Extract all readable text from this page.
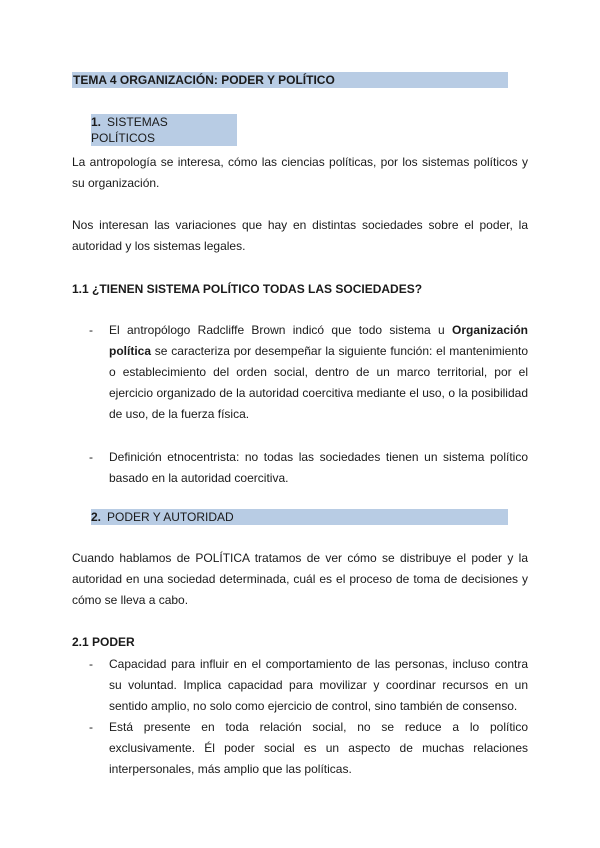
TEMA 4 ORGANIZACIÓN: PODER Y POLÍTICO
1. SISTEMAS POLÍTICOS
La antropología se interesa, cómo las ciencias políticas, por los sistemas políticos y su organización.
Nos interesan las variaciones que hay en distintas sociedades sobre el poder, la autoridad y los sistemas legales.
1.1 ¿TIENEN SISTEMA POLÍTICO TODAS LAS SOCIEDADES?
- El antropólogo Radcliffe Brown indicó que todo sistema u Organización política se caracteriza por desempeñar la siguiente función: el mantenimiento o establecimiento del orden social, dentro de un marco territorial, por el ejercicio organizado de la autoridad coercitiva mediante el uso, o la posibilidad de uso, de la fuerza física.
- Definición etnocentrista: no todas las sociedades tienen un sistema político basado en la autoridad coercitiva.
2. PODER Y AUTORIDAD
Cuando hablamos de POLÍTICA tratamos de ver cómo se distribuye el poder y la autoridad en una sociedad determinada, cuál es el proceso de toma de decisiones y cómo se lleva a cabo.
2.1 PODER
- Capacidad para influir en el comportamiento de las personas, incluso contra su voluntad. Implica capacidad para movilizar y coordinar recursos en un sentido amplio, no solo como ejercicio de control, sino también de consenso.
- Está presente en toda relación social, no se reduce a lo político exclusivamente. Él poder social es un aspecto de muchas relaciones interpersonales, más amplio que las políticas.
